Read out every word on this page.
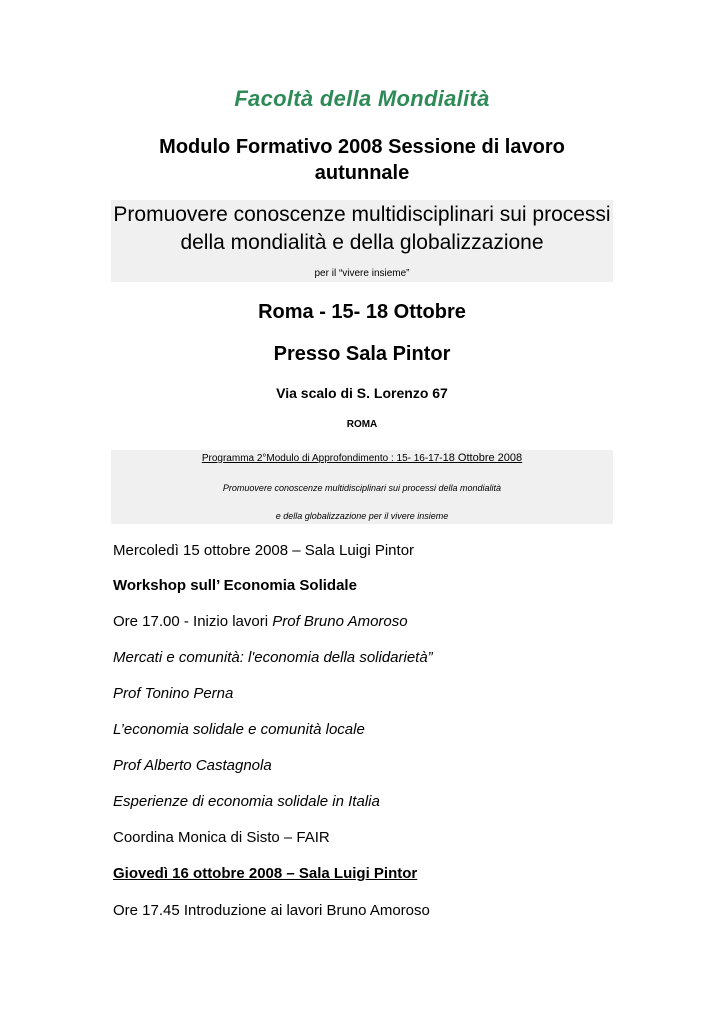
Facoltà della Mondialità
Modulo Formativo 2008 Sessione di lavoro autunnale
Promuovere conoscenze multidisciplinari sui processi della mondialità e della globalizzazione
per il “vivere insieme”
Roma - 15- 18 Ottobre
Presso Sala Pintor
Via scalo di S. Lorenzo 67
ROMA
Programma 2°Modulo di Approfondimento : 15- 16-17-18 Ottobre 2008
Promuovere conoscenze multidisciplinari sui processi della mondialità
e della globalizzazione per il vivere insieme
Mercoledì 15 ottobre 2008 – Sala Luigi Pintor
Workshop sull’ Economia Solidale
Ore 17.00 - Inizio lavori Prof Bruno Amoroso
Mercati e comunità: l'economia della solidarietà”
Prof Tonino Perna
L’economia solidale e comunità locale
Prof Alberto Castagnola
Esperienze di economia solidale in Italia
Coordina Monica di Sisto – FAIR
Giovedì 16 ottobre 2008 – Sala Luigi Pintor
Ore 17.45 Introduzione ai lavori Bruno Amoroso
